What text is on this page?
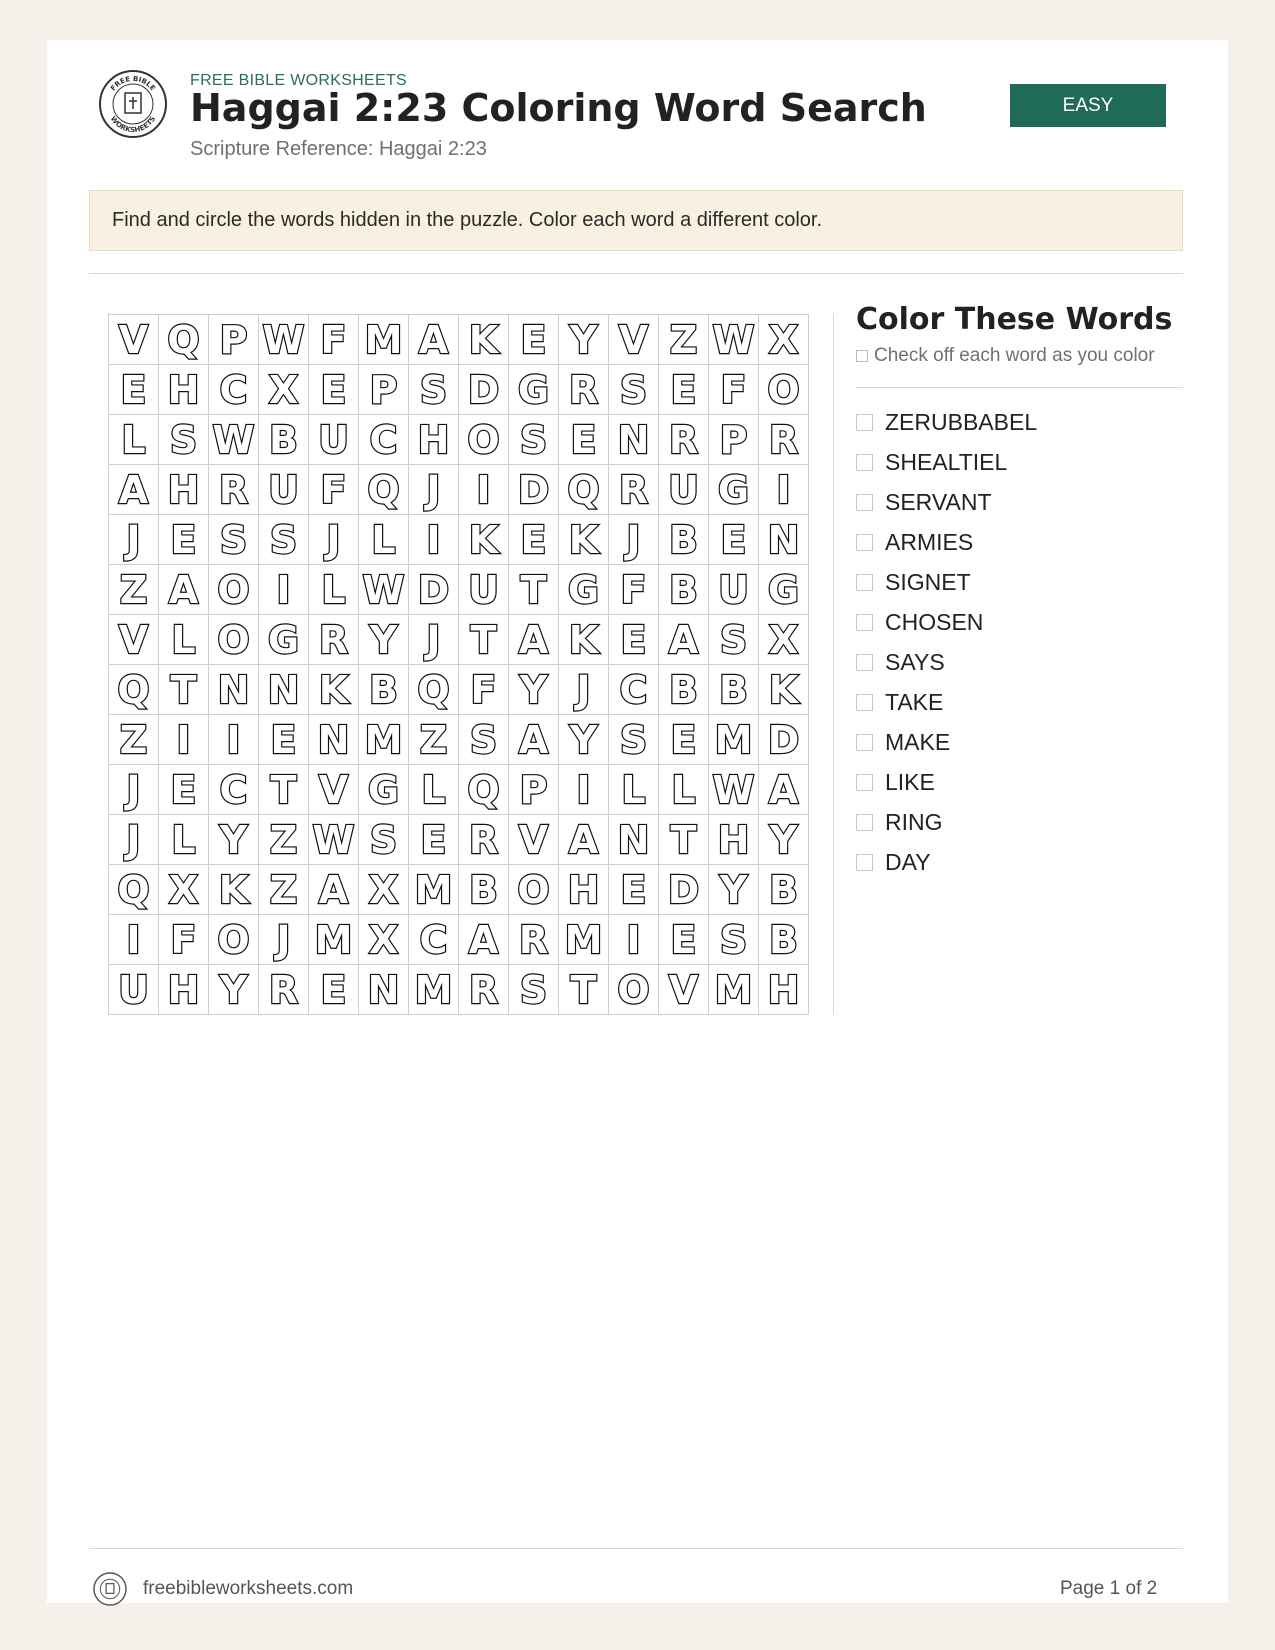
FREE BIBLE
WORKSHEETS
FREE BIBLE WORKSHEETS
Haggai 2:23 Coloring Word Search
Scripture Reference: Haggai 2:23
EASY
Find and circle the words hidden in the puzzle. Color each word a different color.
V Q P W F M A K E Y V Z W X
E H C X E P S D G R S E F O
L S W B U C H O S E N R P R
A H R U F Q J I D Q R U G I
J E S S J L I K E K J B E N
Z A O I L W D U T G F B U G
V L O G R Y J T A K E A S X
Q T N N K B Q F Y J C B B K
Z I I E N M Z S A Y S E M D
J E C T V G L Q P I L L W A
J L Y Z W S E R V A N T H Y
Q X K Z A X M B O H E D Y B
I F O J M X C A R M I E S B
U H Y R E N M R S T O V M H
Color These Words
Check off each word as you color
ZERUBBABEL
SHEALTIEL
SERVANT
ARMIES
SIGNET
CHOSEN
SAYS
TAKE
MAKE
LIKE
RING
DAY
freebibleworksheets.com	Page 1 of 2
